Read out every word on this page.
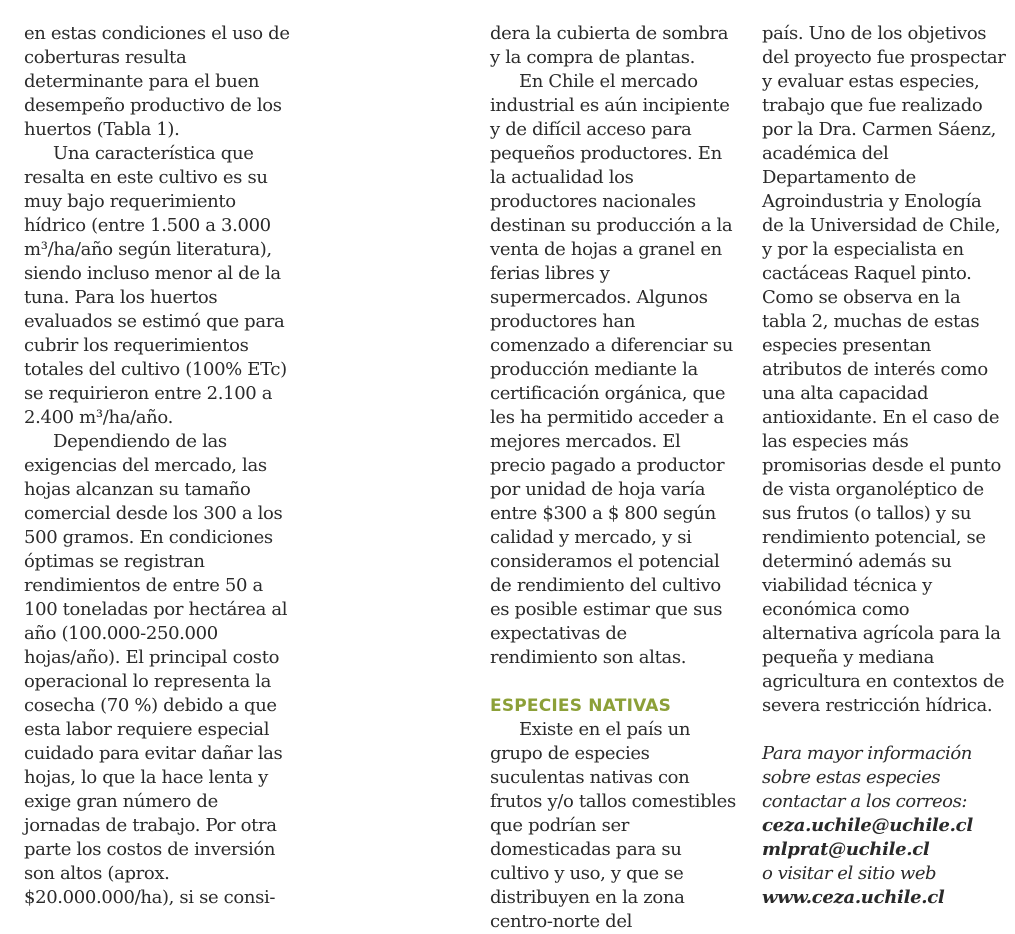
en estas condiciones el uso de coberturas resulta determinante para el buen desempeño productivo de los huertos (Tabla 1).

Una característica que resalta en este cultivo es su muy bajo requerimiento hídrico (entre 1.500 a 3.000 m³/ha/año según literatura), siendo incluso menor al de la tuna. Para los huertos evaluados se estimó que para cubrir los requerimientos totales del cultivo (100% ETc) se requirieron entre 2.100 a 2.400 m³/ha/año.

Dependiendo de las exigencias del mercado, las hojas alcanzan su tamaño comercial desde los 300 a los 500 gramos. En condiciones óptimas se registran rendimientos de entre 50 a 100 toneladas por hectárea al año (100.000-250.000 hojas/año). El principal costo operacional lo representa la cosecha (70 %) debido a que esta labor requiere especial cuidado para evitar dañar las hojas, lo que la hace lenta y exige gran número de jornadas de trabajo. Por otra parte los costos de inversión son altos (aprox. $20.000.000/ha), si se consi-

dera la cubierta de sombra y la compra de plantas.

En Chile el mercado industrial es aún incipiente y de difícil acceso para pequeños productores. En la actualidad los productores nacionales destinan su producción a la venta de hojas a granel en ferias libres y supermercados. Algunos productores han comenzado a diferenciar su producción mediante la certificación orgánica, que les ha permitido acceder a mejores mercados. El precio pagado a productor por unidad de hoja varía entre $300 a $ 800 según calidad y mercado, y si consideramos el potencial de rendimiento del cultivo es posible estimar que sus expectativas de rendimiento son altas.

ESPECIES NATIVAS

Existe en el país un grupo de especies suculentas nativas con frutos y/o tallos comestibles que podrían ser domesticadas para su cultivo y uso, y que se distribuyen en la zona centro-norte del

país. Uno de los objetivos del proyecto fue prospectar y evaluar estas especies, trabajo que fue realizado por la Dra. Carmen Sáenz, académica del Departamento de Agroindustria y Enología de la Universidad de Chile, y por la especialista en cactáceas Raquel pinto. Como se observa en la tabla 2, muchas de estas especies presentan atributos de interés como una alta capacidad antioxidante. En el caso de las especies más promisorias desde el punto de vista organoléptico de sus frutos (o tallos) y su rendimiento potencial, se determinó además su viabilidad técnica y económica como alternativa agrícola para la pequeña y mediana agricultura en contextos de severa restricción hídrica.

Para mayor información sobre estas especies contactar a los correos:
ceza.uchile@uchile.cl
mlprat@uchile.cl
o visitar el sitio web
www.ceza.uchile.cl
